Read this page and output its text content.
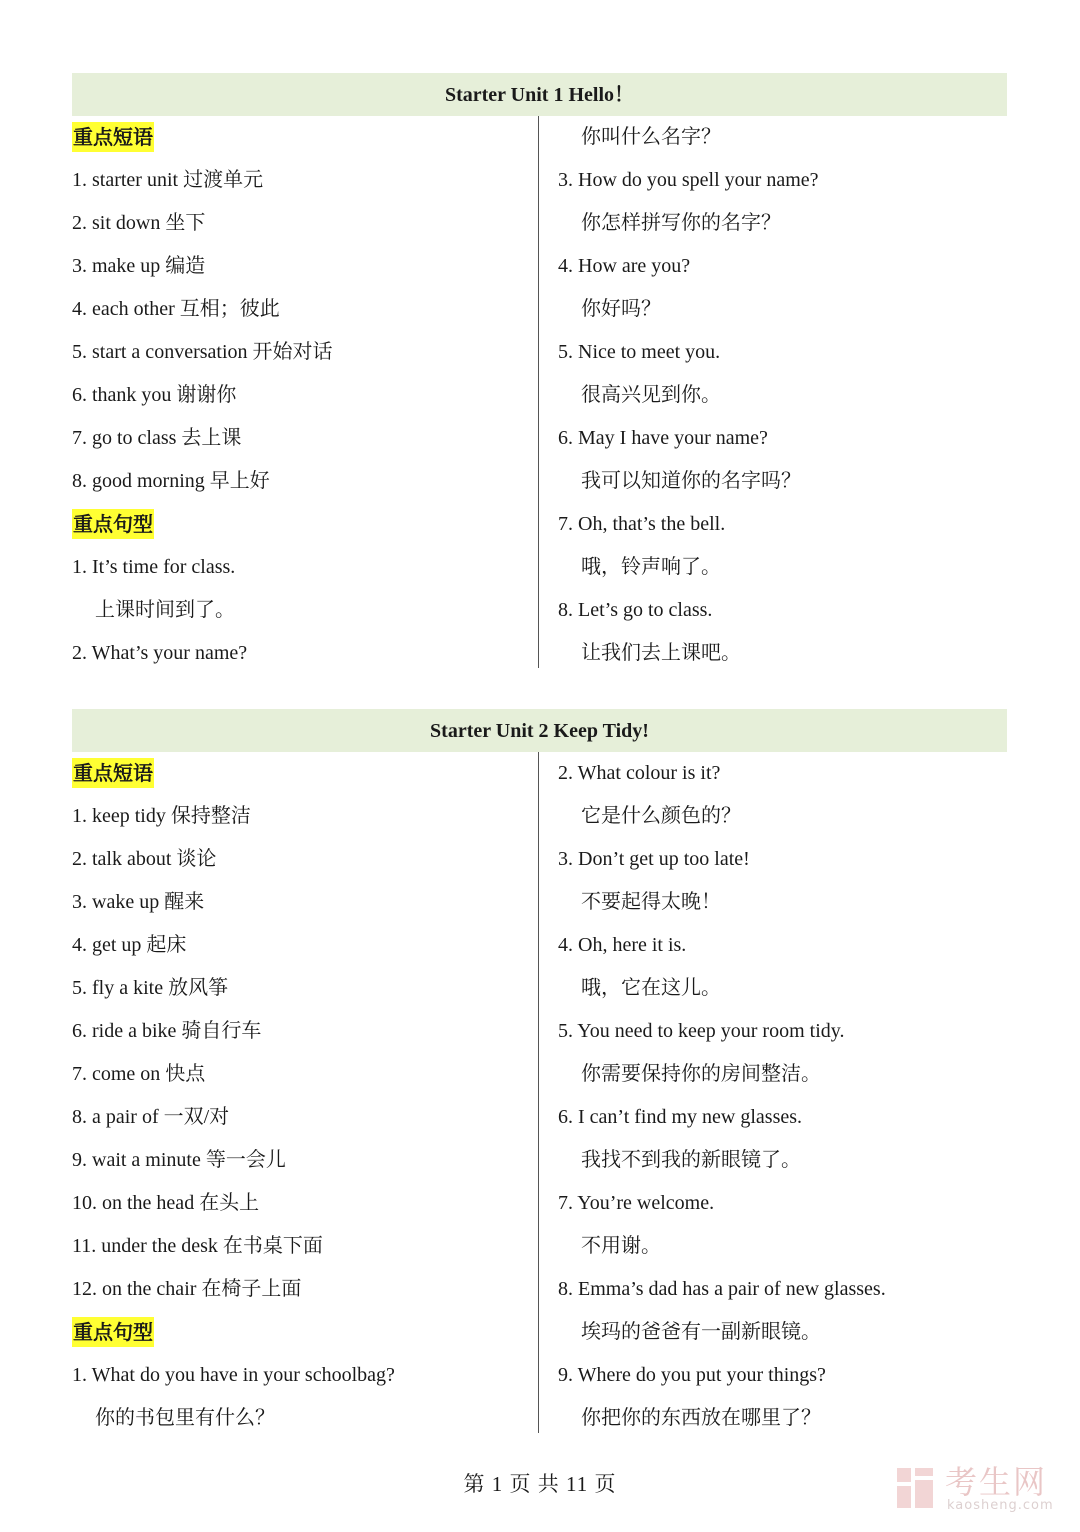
Starter Unit 1 Hello！
重点短语
1. starter unit 过渡单元
2. sit down 坐下
3. make up 编造
4. each other 互相；彼此
5. start a conversation 开始对话
6. thank you 谢谢你
7. go to class 去上课
8. good morning 早上好
重点句型
1. It’s time for class.
上课时间到了。
2. What’s your name?
你叫什么名字？
3. How do you spell your name?
你怎样拼写你的名字？
4. How are you?
你好吗？
5. Nice to meet you.
很高兴见到你。
6. May I have your name?
我可以知道你的名字吗？
7. Oh, that’s the bell.
哦，铃声响了。
8. Let’s go to class.
让我们去上课吧。
Starter Unit 2 Keep Tidy!
重点短语
1. keep tidy 保持整洁
2. talk about 谈论
3. wake up 醒来
4. get up 起床
5. fly a kite 放风筝
6. ride a bike 骑自行车
7. come on 快点
8. a pair of 一双/对
9. wait a minute 等一会儿
10. on the head 在头上
11. under the desk 在书桌下面
12. on the chair 在椅子上面
重点句型
1. What do you have in your schoolbag?
你的书包里有什么？
2. What colour is it?
它是什么颜色的？
3. Don’t get up too late!
不要起得太晚！
4. Oh, here it is.
哦，它在这儿。
5. You need to keep your room tidy.
你需要保持你的房间整洁。
6. I can’t find my new glasses.
我找不到我的新眼镜了。
7. You’re welcome.
不用谢。
8. Emma’s dad has a pair of new glasses.
埃玛的爸爸有一副新眼镜。
9. Where do you put your things?
你把你的东西放在哪里了？
第 1 页 共 11 页	考生网
kaosheng.com
